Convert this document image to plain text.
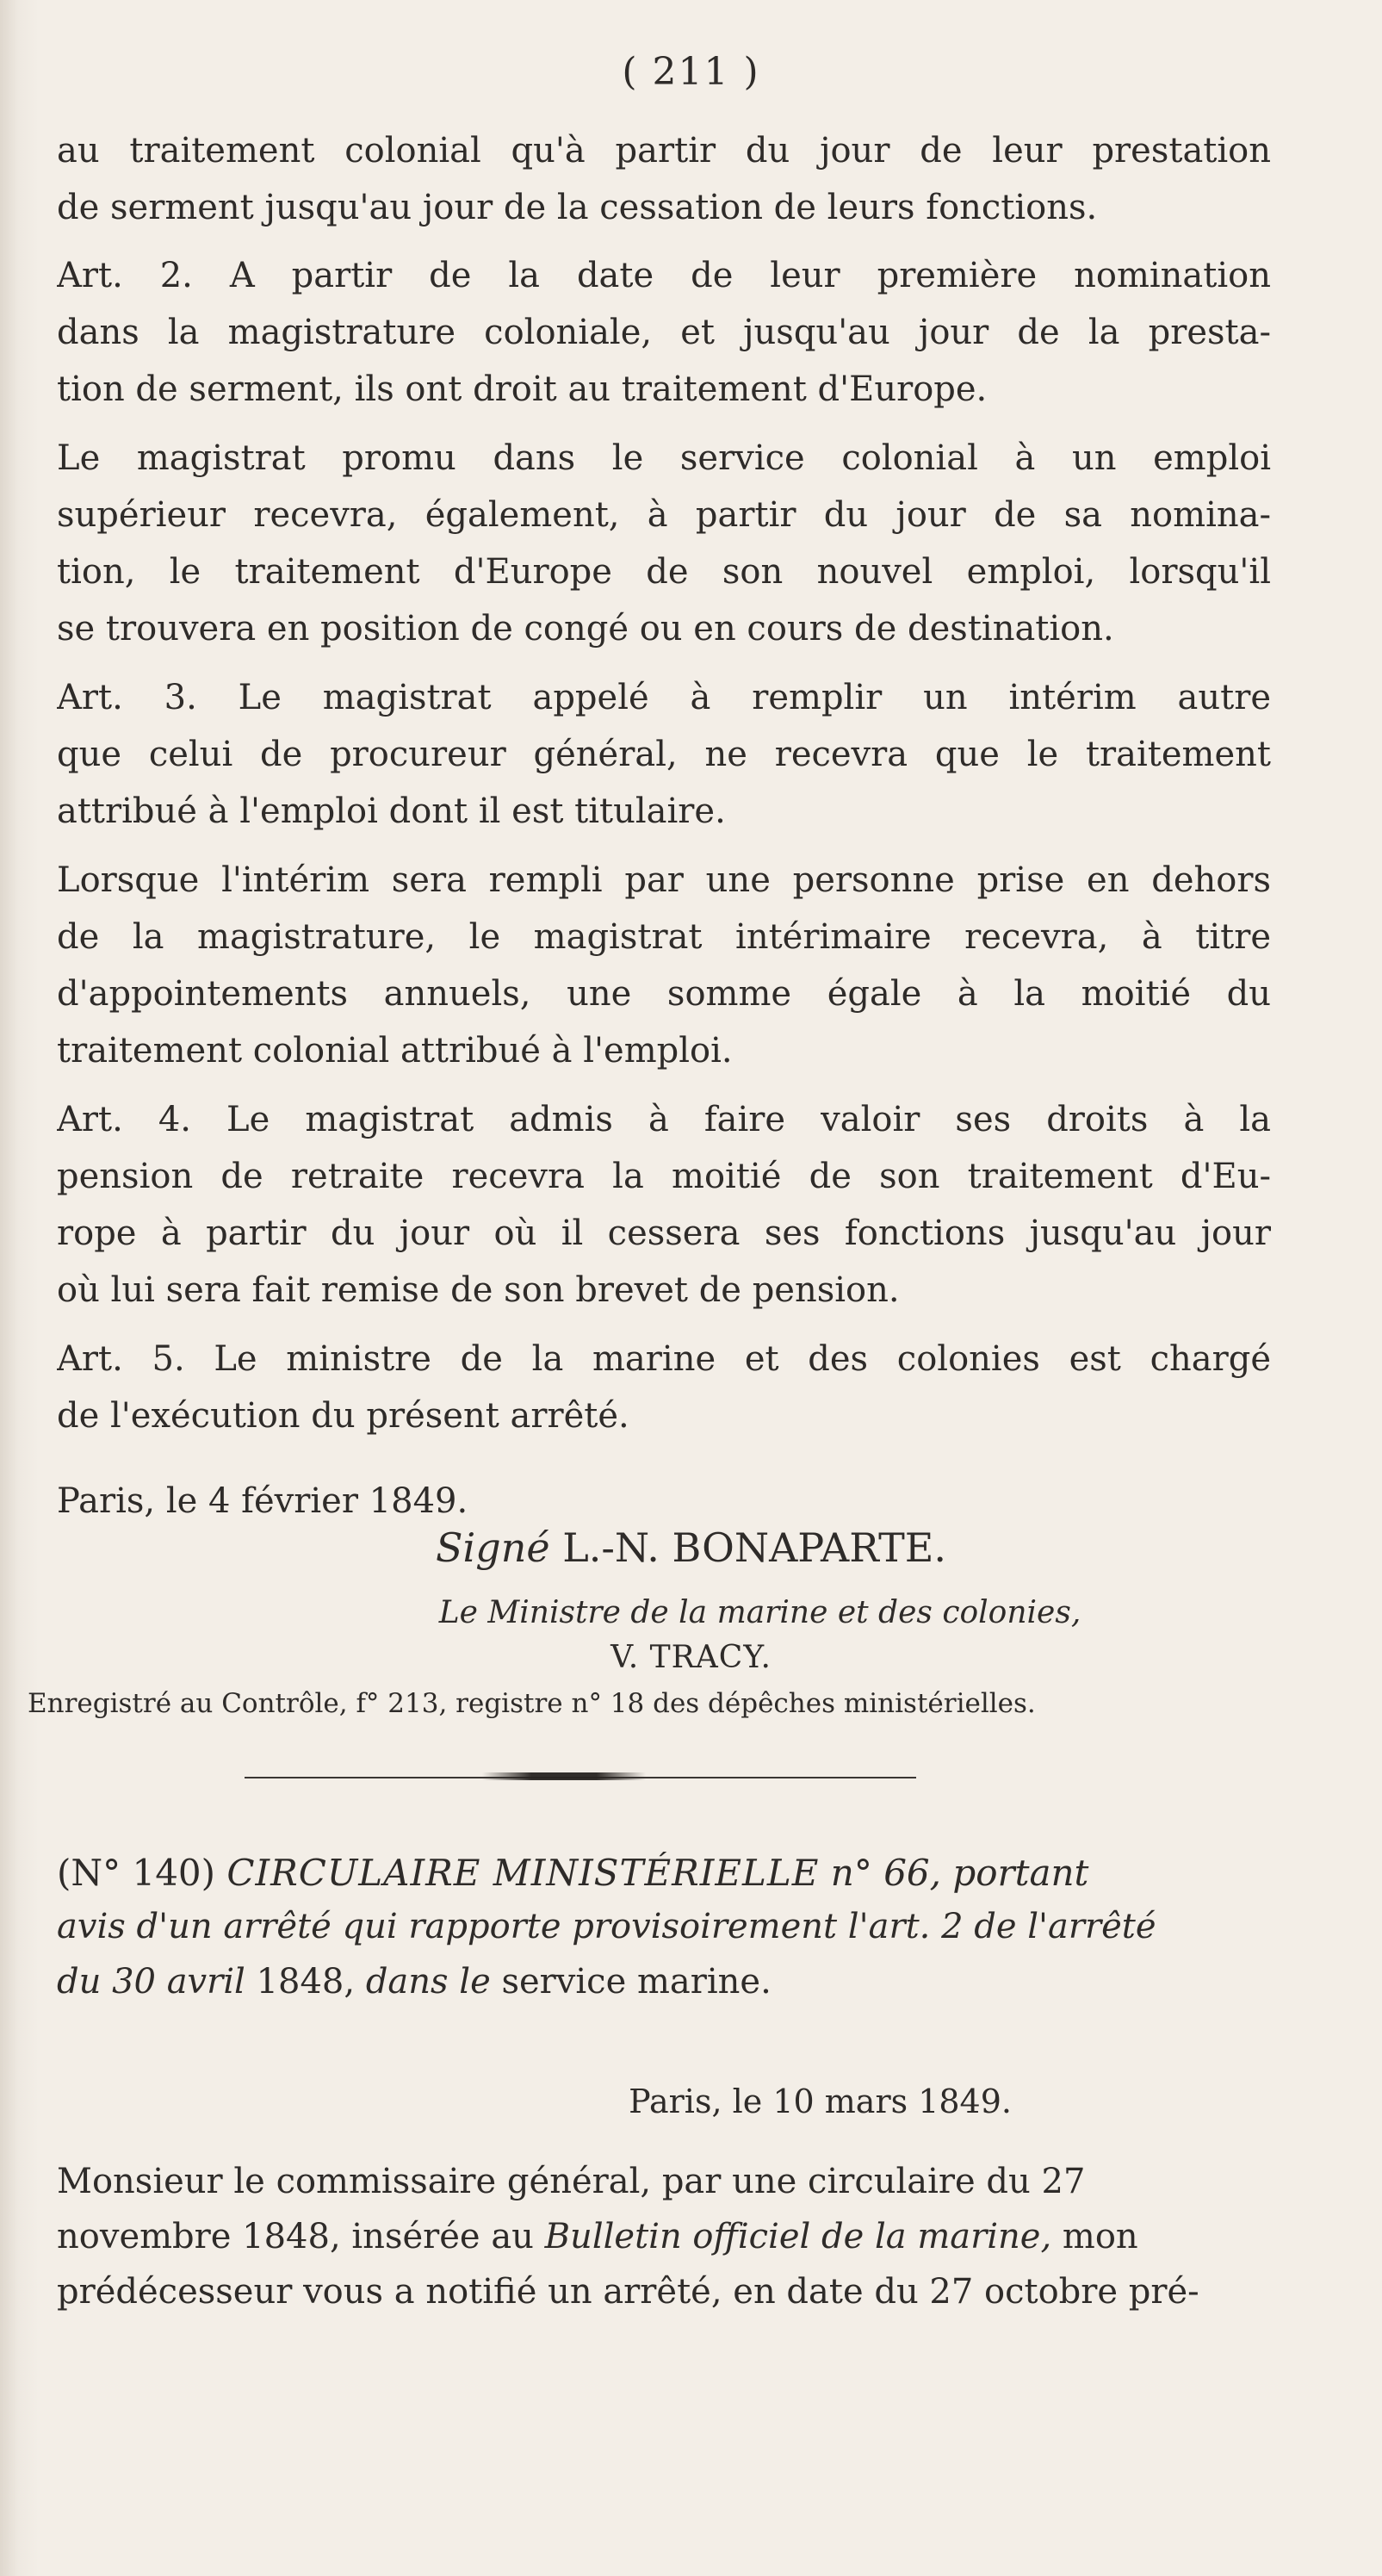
( 211 )
au traitement colonial qu'à partir du jour de leur prestation
de serment jusqu'au jour de la cessation de leurs fonctions.
Art. 2. A partir de la date de leur première nomination
dans la magistrature coloniale, et jusqu'au jour de la presta-
tion de serment, ils ont droit au traitement d'Europe.
Le magistrat promu dans le service colonial à un emploi
supérieur recevra, également, à partir du jour de sa nomina-
tion, le traitement d'Europe de son nouvel emploi, lorsqu'il
se trouvera en position de congé ou en cours de destination.
Art. 3. Le magistrat appelé à remplir un intérim autre
que celui de procureur général, ne recevra que le traitement
attribué à l'emploi dont il est titulaire.
Lorsque l'intérim sera rempli par une personne prise en dehors
de la magistrature, le magistrat intérimaire recevra, à titre
d'appointements annuels, une somme égale à la moitié du
traitement colonial attribué à l'emploi.
Art. 4. Le magistrat admis à faire valoir ses droits à la
pension de retraite recevra la moitié de son traitement d'Eu-
rope à partir du jour où il cessera ses fonctions jusqu'au jour
où lui sera fait remise de son brevet de pension.
Art. 5. Le ministre de la marine et des colonies est chargé
de l'exécution du présent arrêté.
Paris, le 4 février 1849.
Signé L.-N. BONAPARTE.
Le Ministre de la marine et des colonies,
V. TRACY.
Enregistré au Contrôle, f° 213, registre n° 18 des dépêches ministérielles.
(N° 140) CIRCULAIRE MINISTÉRIELLE n° 66, portant
avis d'un arrêté qui rapporte provisoirement l'art. 2 de l'arrêté
du 30 avril 1848, dans le service marine.
Paris, le 10 mars 1849.
Monsieur le commissaire général, par une circulaire du 27
novembre 1848, insérée au Bulletin officiel de la marine, mon
prédécesseur vous a notifié un arrêté, en date du 27 octobre pré-
